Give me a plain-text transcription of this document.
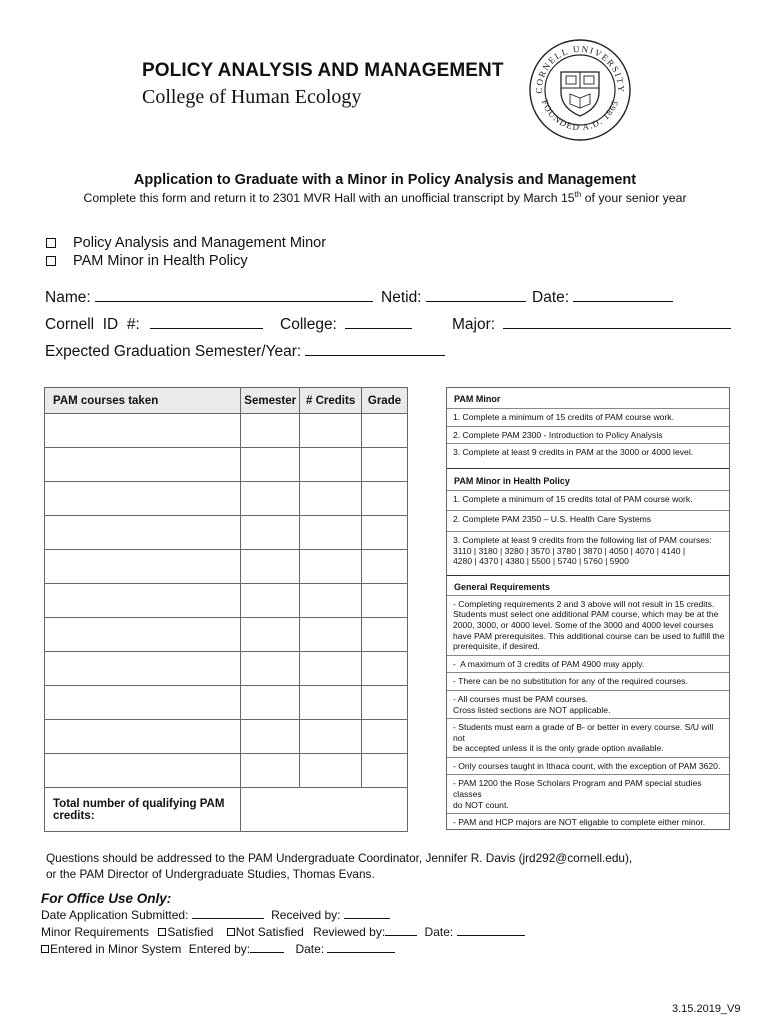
POLICY ANALYSIS AND MANAGEMENT
College of Human Ecology	CORNELL UNIVERSITY
FOUNDED A.D. 1865
Application to Graduate with a Minor in Policy Analysis and Management
Complete this form and return it to 2301 MVR Hall with an unofficial transcript by March 15th of your senior year
Policy Analysis and Management Minor
PAM Minor in Health Policy
Name:	Netid:	Date:
Cornell  ID  #:	College:	Major:
Expected Graduation Semester/Year:
PAM courses taken	Semester	# Credits	Grade

Total number of qualifying PAM credits:			
PAM Minor
1. Complete a minimum of 15 credits of PAM course work.
2. Complete PAM 2300 - Introduction to Policy Analysis
3. Complete at least 9 credits in PAM at the 3000 or 4000 level.
PAM Minor in Health Policy
1. Complete a minimum of 15 credits total of PAM course work.
2. Complete PAM 2350 – U.S. Health Care Systems
3. Complete at least 9 credits from the following list of PAM courses:
3110 | 3180 | 3280 | 3570 | 3780 | 3870 | 4050 | 4070 | 4140 |
4280 | 4370 | 4380 | 5500 | 5740 | 5760 | 5900
General Requirements
- Completing requirements 2 and 3 above will not result in 15 credits.
Students must select one additional PAM course, which may be at the
2000, 3000, or 4000 level. Some of the 3000 and 4000 level courses
have PAM prerequisites. This additional course can be used to fulfill the
prerequisite, if desired.
-  A maximum of 3 credits of PAM 4900 may apply.
- There can be no substitution for any of the required courses.
- All courses must be PAM courses.
Cross listed sections are NOT applicable.
- Students must earn a grade of B- or better in every course. S/U will not
be accepted unless it is the only grade option available.
- Only courses taught in Ithaca count, with the exception of PAM 3620.
- PAM 1200 the Rose Scholars Program and PAM special studies classes
do NOT count.
- PAM and HCP majors are NOT eligable to complete either minor.
Questions should be addressed to the PAM Undergraduate Coordinator, Jennifer R. Davis (jrd292@cornell.edu),
or the PAM Director of Undergraduate Studies, Thomas Evans.
For Office Use Only:
Date Application Submitted:	Received by:
Minor Requirements Satisfied Not Satisfied Reviewed by:	Date:
Entered in Minor System Entered by:	Date:
3.15.2019_V9
